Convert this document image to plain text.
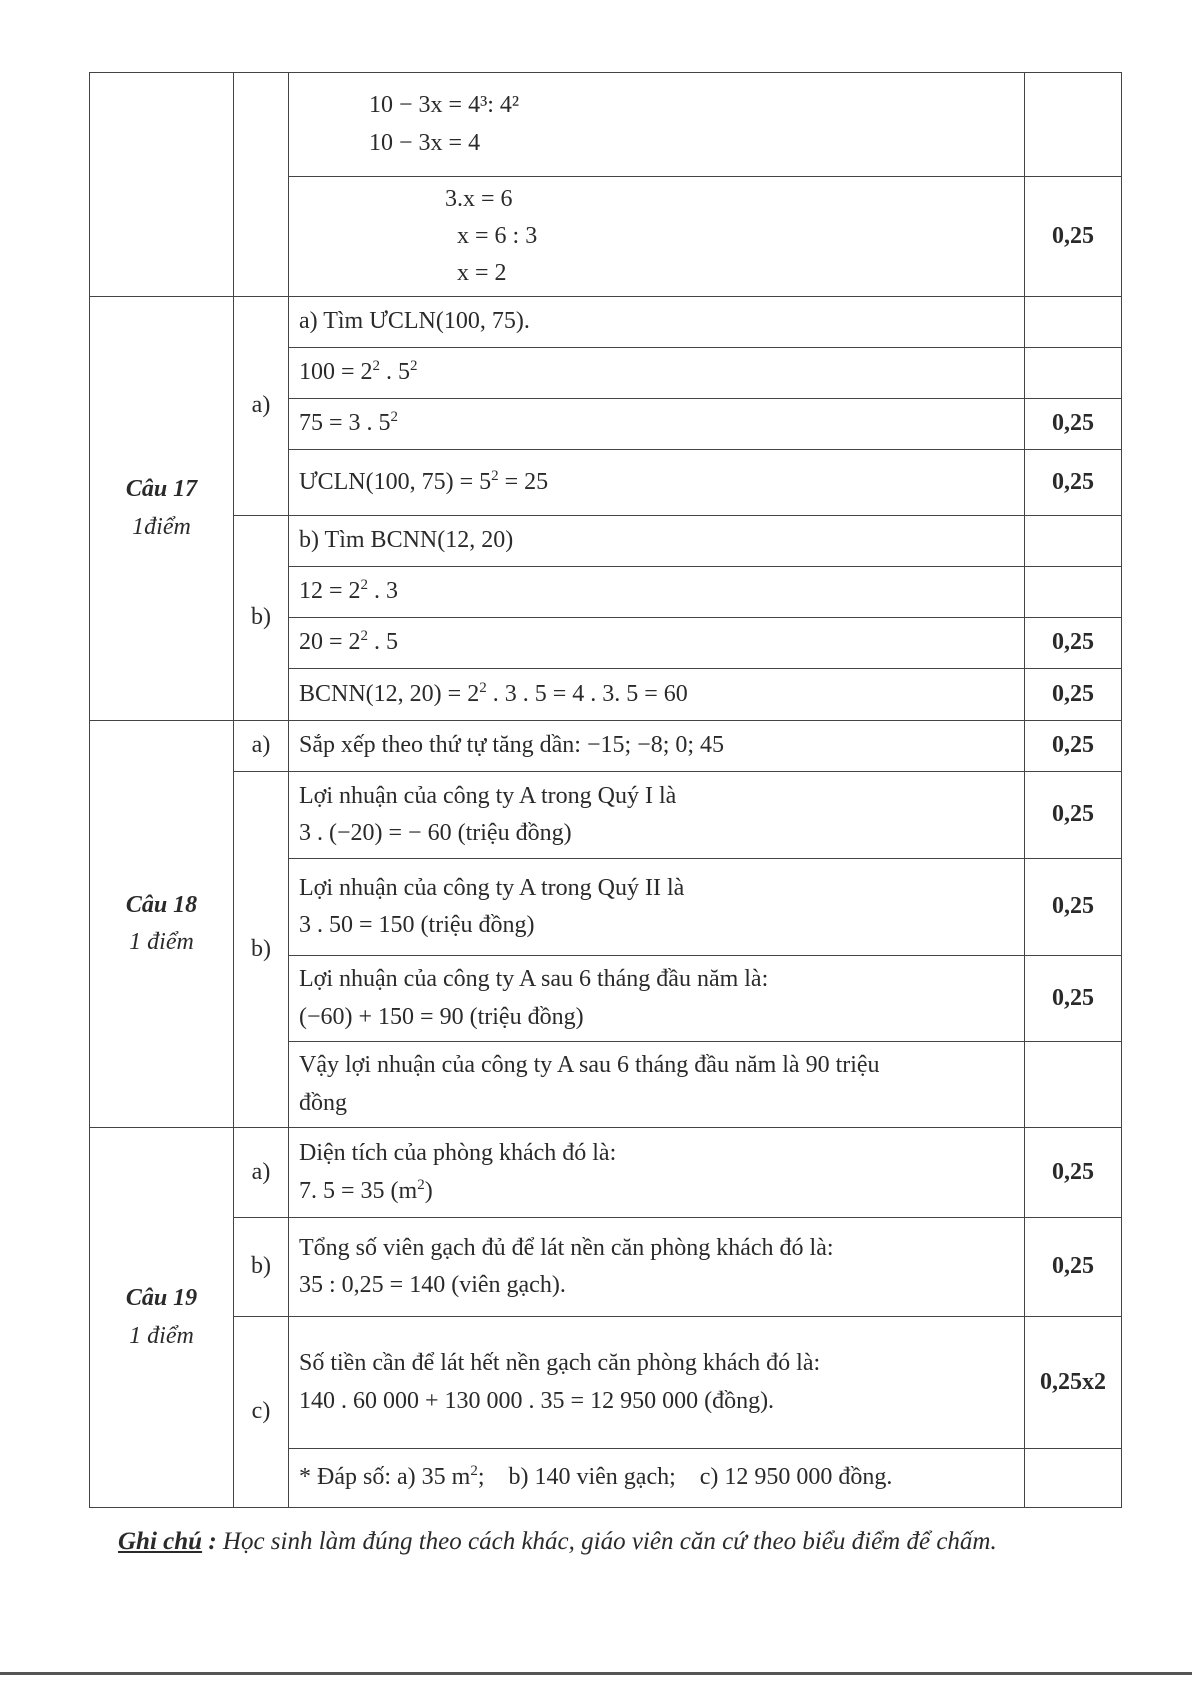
		10 − 3x = 4³: 4²
10 − 3x = 4	

		3.x = 6
x = 6 : 3
x = 2	0,25

Câu 17
1điểm	a)	a) Tìm ƯCLN(100, 75).	
		$100 = 2^2$ . $5^2$	
		75 = 3 . $5^2$	0,25
		ƯCLN(100, $75) = 5^2 = 25$	0,25
	b)	b) Tìm BCNN(12, 20)	
		$12 = 2^2$ . 3	
		$20 = 2^2$ . 5	0,25
		BCNN(12, $20) = 2^2$ . 3 . 5 = 4 . 3. 5 = 60	0,25

Câu 18
1 điểm	a)	Sắp xếp theo thứ tự tăng dần: −15; −8; 0; 45	0,25
	b)	Lợi nhuận của công ty A trong Quý I là
3 . (−20) = − 60 (triệu đồng)	0,25

		Lợi nhuận của công ty A trong Quý II là
3 . 50 = 150 (triệu đồng)	0,25

		Lợi nhuận của công ty A sau 6 tháng đầu năm là:
(−60) + 150 = 90 (triệu đồng)	0,25

		Vậy lợi nhuận của công ty A sau 6 tháng đầu năm là 90 triệu
đồng	

Câu 19
1 điểm	a)	Diện tích của phòng khách đó là:
7. 5 = 35 $(m^2)$	0,25
	b)	Tổng số viên gạch đủ để lát nền căn phòng khách đó là:
35 : 0,25 = 140 (viên gạch).	0,25
	c)	Số tiền cần để lát hết nền gạch căn phòng khách đó là:
140 . 60 000 + 130 000 . 35 = 12 950 000 (đồng).	0,25x2
		* Đáp số: a) 35 $m^2$;    b) 140 viên gạch;    c) 12 950 000 đồng.	
Ghi chú : Học sinh làm đúng theo cách khác, giáo viên căn cứ theo biểu điểm để chấm.
